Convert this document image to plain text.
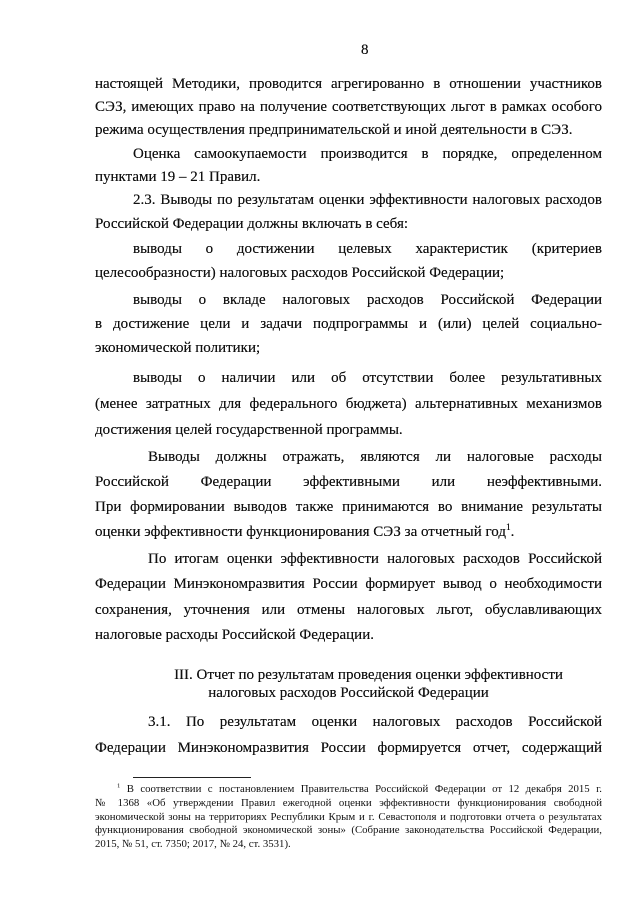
8
настоящей Методики, проводится агрегированно в отношении участников
СЭЗ, имеющих право на получение соответствующих льгот в рамках особого
режима осуществления предпринимательской и иной деятельности в СЭЗ.
Оценка самоокупаемости производится в порядке, определенном
пунктами 19 – 21 Правил.
2.3. Выводы по результатам оценки эффективности налоговых расходов
Российской Федерации должны включать в себя:
выводы о достижении целевых характеристик (критериев
целесообразности) налоговых расходов Российской Федерации;
выводы о вкладе налоговых расходов Российской Федерации
в достижение цели и задачи подпрограммы и (или) целей социально-
экономической политики;
выводы о наличии или об отсутствии более результативных
(менее затратных для федерального бюджета) альтернативных механизмов
достижения целей государственной программы.
Выводы должны отражать, являются ли налоговые расходы
Российской Федерации эффективными или неэффективными.
При формировании выводов также принимаются во внимание результаты
оценки эффективности функционирования СЭЗ за отчетный год$^1$.
По итогам оценки эффективности налоговых расходов Российской
Федерации Минэкономразвития России формирует вывод о необходимости
сохранения, уточнения или отмены налоговых льгот, обуславливающих
налоговые расходы Российской Федерации.
III. Отчет по результатам проведения оценки эффективности
налоговых расходов Российской Федерации
3.1. По результатам оценки налоговых расходов Российской
Федерации Минэкономразвития России формируется отчет, содержащий
$^1$ В соответствии с постановлением Правительства Российской Федерации от 12 декабря 2015 г.
№ 1368 «Об утверждении Правил ежегодной оценки эффективности функционирования свободной
экономической зоны на территориях Республики Крым и г. Севастополя и подготовки отчета о результатах
функционирования свободной экономической зоны» (Собрание законодательства Российской Федерации,
2015, № 51, ст. 7350; 2017, № 24, ст. 3531).
